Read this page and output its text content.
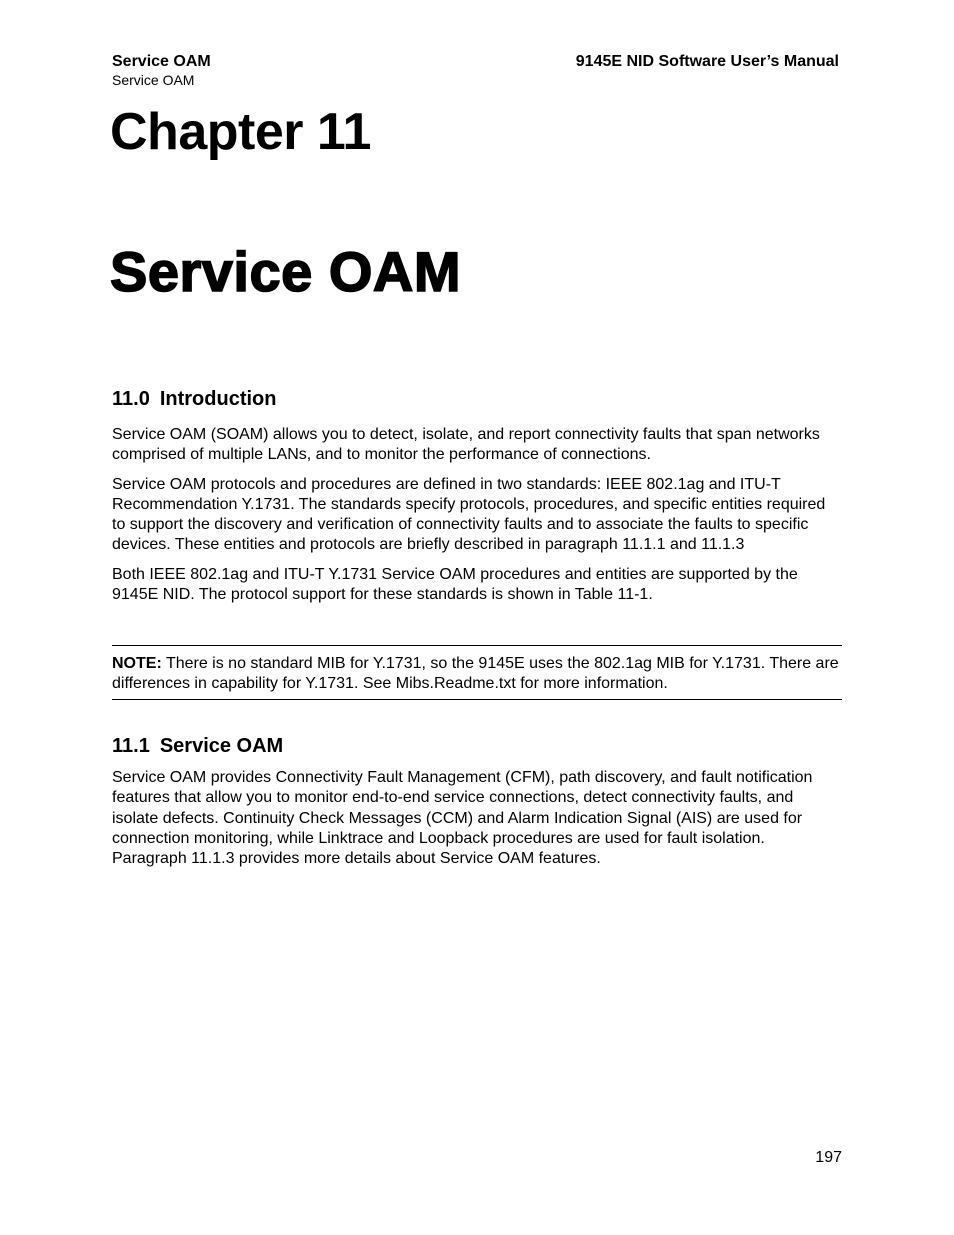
Service OAM
Service OAM
9145E NID Software User’s Manual
Chapter 11
Service OAM
11.0 Introduction

Service OAM (SOAM) allows you to detect, isolate, and report connectivity faults that span networks comprised of multiple LANs, and to monitor the performance of connections.

Service OAM protocols and procedures are defined in two standards: IEEE 802.1ag and ITU-T Recommendation Y.1731. The standards specify protocols, procedures, and specific entities required to support the discovery and verification of connectivity faults and to associate the faults to specific devices. These entities and protocols are briefly described in paragraph 11.1.1 and 11.1.3

Both IEEE 802.1ag and ITU-T Y.1731 Service OAM procedures and entities are supported by the 9145E NID. The protocol support for these standards is shown in Table 11-1.

NOTE: There is no standard MIB for Y.1731, so the 9145E uses the 802.1ag MIB for Y.1731. There are differences in capability for Y.1731. See Mibs.Readme.txt for more information.
11.1 Service OAM

Service OAM provides Connectivity Fault Management (CFM), path discovery, and fault notification features that allow you to monitor end-to-end service connections, detect connectivity faults, and isolate defects. Continuity Check Messages (CCM) and Alarm Indication Signal (AIS) are used for connection monitoring, while Linktrace and Loopback procedures are used for fault isolation. Paragraph 11.1.3 provides more details about Service OAM features.

197
